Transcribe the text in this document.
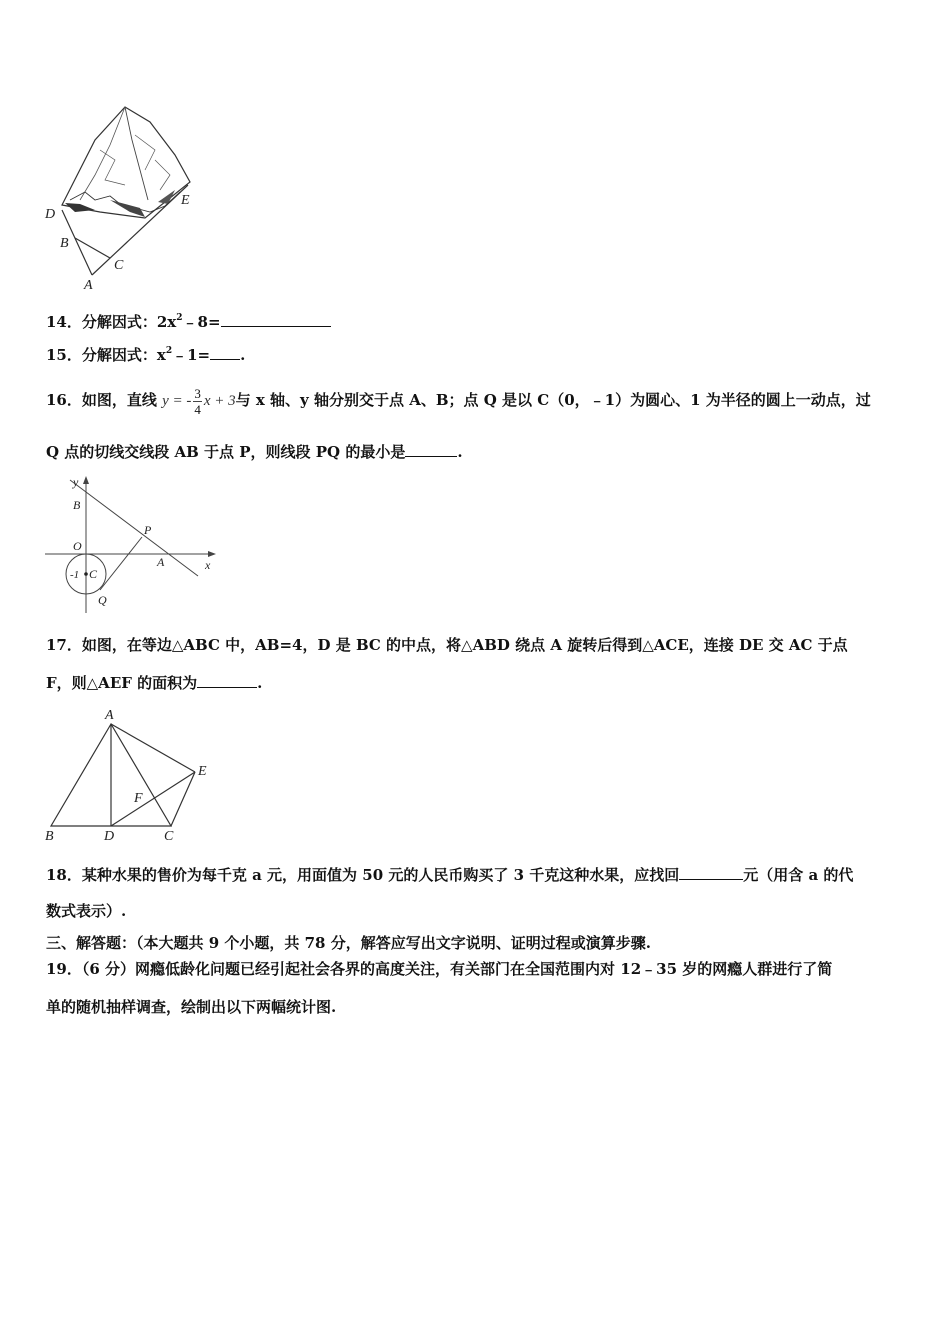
D
E
B
C
A
14．分解因式：$2x^2﹣8=$
15．分解因式：$x^2﹣1=$ .
16．如图，直线 y = - $\frac{3}{4}$ x + 3与 x 轴、y 轴分别交于点 A、B；点 Q 是以 C（0，﹣1）为圆心、1 为半径的圆上一动点，过
Q 点的切线交线段 AB 于点 P，则线段 PQ 的最小是	.
y
B
P
O
A	x
-1 C
Q
17．如图，在等边△ABC 中，AB=4，D 是 BC 的中点，将△ABD 绕点 A 旋转后得到△ACE，连接 DE 交 AC 于点
F，则△AEF 的面积为	.
A
E
F
B	D	C
18．某种水果的售价为每千克 a 元，用面值为 50 元的人民币购买了 3 千克这种水果，应找回	元（用含 a 的代
数式表示）.
三、解答题：（本大题共 9 个小题，共 78 分，解答应写出文字说明、证明过程或演算步骤.
19．（6 分）网瘾低龄化问题已经引起社会各界的高度关注，有关部门在全国范围内对 12﹣35 岁的网瘾人群进行了简
单的随机抽样调查，绘制出以下两幅统计图.
